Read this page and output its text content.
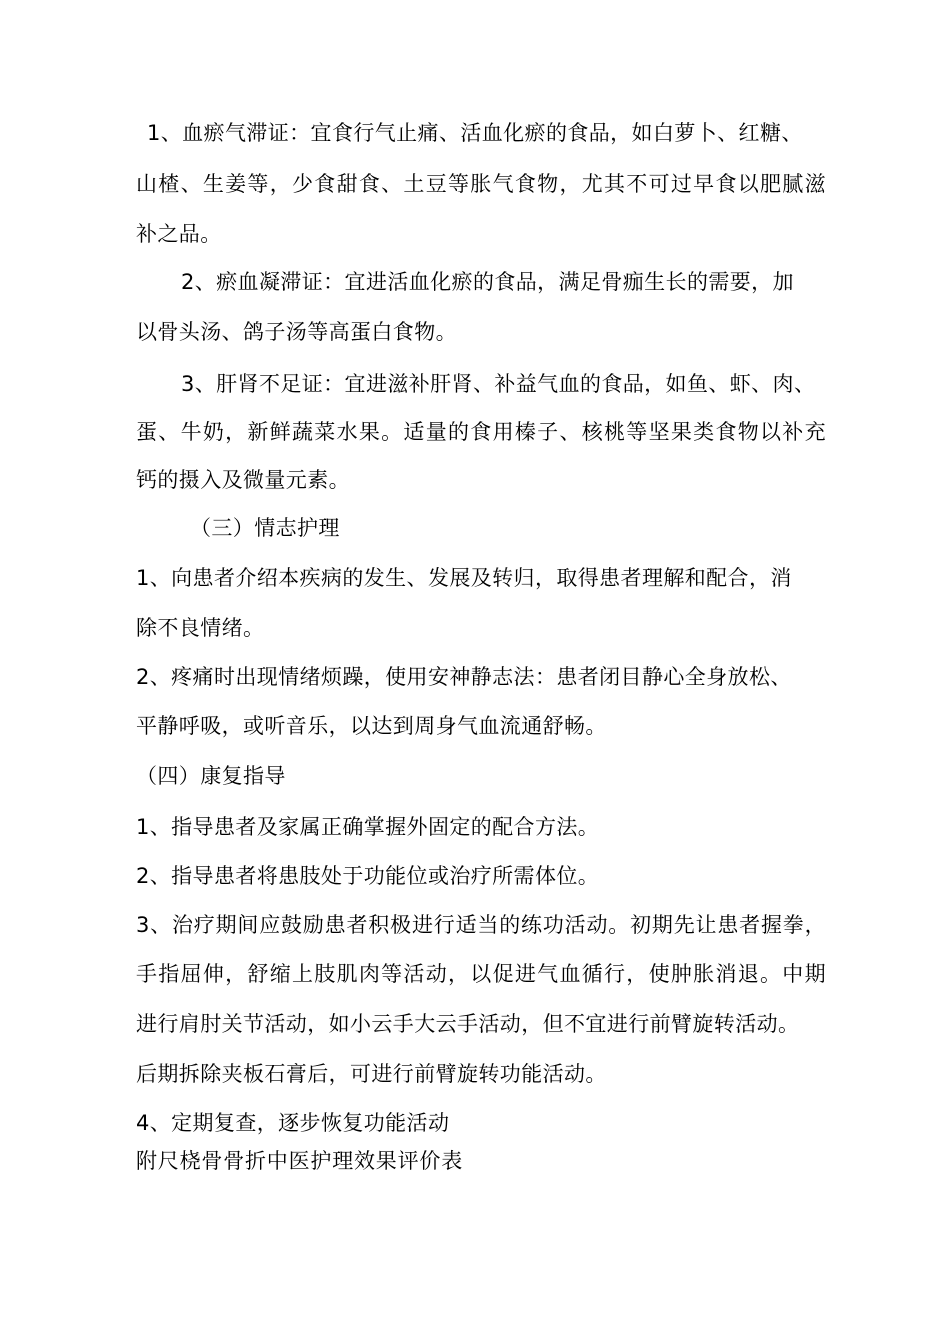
1、血瘀气滞证：宜食行气止痛、活血化瘀的食品，如白萝卜、红糖、
山楂、生姜等，少食甜食、土豆等胀气食物，尤其不可过早食以肥腻滋
补之品。
2、瘀血凝滞证：宜进活血化瘀的食品，满足骨痂生长的需要，加
以骨头汤、鸽子汤等高蛋白食物。
3、肝肾不足证：宜进滋补肝肾、补益气血的食品，如鱼、虾、肉、
蛋、牛奶，新鲜蔬菜水果。适量的食用榛子、核桃等坚果类食物以补充
钙的摄入及微量元素。
（三）情志护理
1、向患者介绍本疾病的发生、发展及转归，取得患者理解和配合，消
除不良情绪。
2、疼痛时出现情绪烦躁，使用安神静志法：患者闭目静心全身放松、
平静呼吸，或听音乐，以达到周身气血流通舒畅。
（四）康复指导
1、指导患者及家属正确掌握外固定的配合方法。
2、指导患者将患肢处于功能位或治疗所需体位。
3、治疗期间应鼓励患者积极进行适当的练功活动。初期先让患者握拳，
手指屈伸，舒缩上肢肌肉等活动，以促进气血循行，使肿胀消退。中期
进行肩肘关节活动，如小云手大云手活动，但不宜进行前臂旋转活动。
后期拆除夹板石膏后，可进行前臂旋转功能活动。
4、定期复查，逐步恢复功能活动
附尺桡骨骨折中医护理效果评价表
